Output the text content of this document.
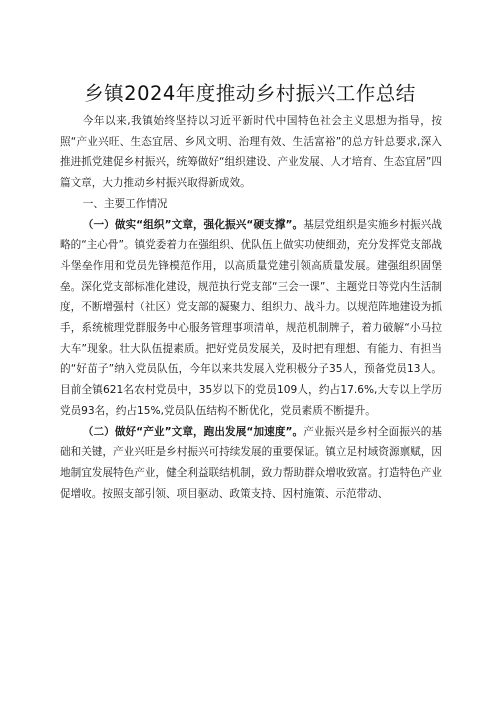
乡镇2024年度推动乡村振兴工作总结

今年以来,我镇始终坚持以习近平新时代中国特色社会主义思想为指导，按照“产业兴旺、生态宜居、乡风文明、治理有效、生活富裕”的总方针总要求,深入推进抓党建促乡村振兴，统筹做好“组织建设、产业发展、人才培育、生态宜居”四篇文章，大力推动乡村振兴取得新成效。

一、主要工作情况

（一）做实“组织”文章，强化振兴“硬支撑”。基层党组织是实施乡村振兴战略的“主心骨”。镇党委着力在强组织、优队伍上做实功使细劲，充分发挥党支部战斗堡垒作用和党员先锋模范作用，以高质量党建引领高质量发展。建强组织固堡垒。深化党支部标准化建设，规范执行党支部“三会一课”、主题党日等党内生活制度，不断增强村（社区）党支部的凝聚力、组织力、战斗力。以规范阵地建设为抓手，系统梳理党群服务中心服务管理事项清单，规范机制牌子，着力破解“小马拉大车”现象。壮大队伍提素质。把好党员发展关，及时把有理想、有能力、有担当的“好苗子”纳入党员队伍，今年以来共发展入党积极分子35人，预备党员13人。目前全镇621名农村党员中，35岁以下的党员109人，约占17.6%,大专以上学历党员93名，约占15%,党员队伍结构不断优化，党员素质不断提升。

（二）做好“产业”文章，跑出发展“加速度”。产业振兴是乡村全面振兴的基础和关键，产业兴旺是乡村振兴可持续发展的重要保证。镇立足村域资源禀赋，因地制宜发展特色产业，健全利益联结机制，致力帮助群众增收致富。打造特色产业促增收。按照支部引领、项目驱动、政策支持、因村施策、示范带动、
